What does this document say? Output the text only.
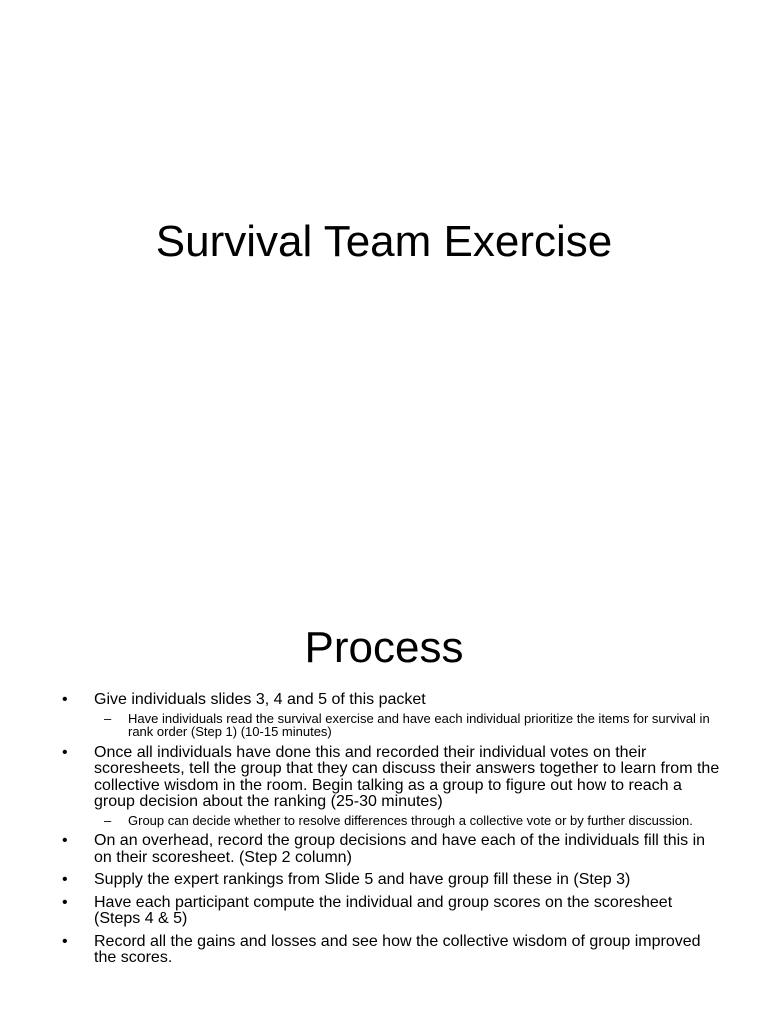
Survival Team Exercise
Process
•	Give individuals slides 3, 4 and 5 of this packet
– Have individuals read the survival exercise and have each individual prioritize the items for survival in rank order (Step 1) (10-15 minutes)
•	Once all individuals have done this and recorded their individual votes on their scoresheets, tell the group that they can discuss their answers together to learn from the collective wisdom in the room. Begin talking as a group to figure out how to reach a group decision about the ranking (25-30 minutes)
– Group can decide whether to resolve differences through a collective vote or by further discussion.
•	On an overhead, record the group decisions and have each of the individuals fill this in on their scoresheet. (Step 2 column)
•	Supply the expert rankings from Slide 5 and have group fill these in (Step 3)
•	Have each participant compute the individual and group scores on the scoresheet (Steps 4 & 5)
•	Record all the gains and losses and see how the collective wisdom of group improved the scores.
